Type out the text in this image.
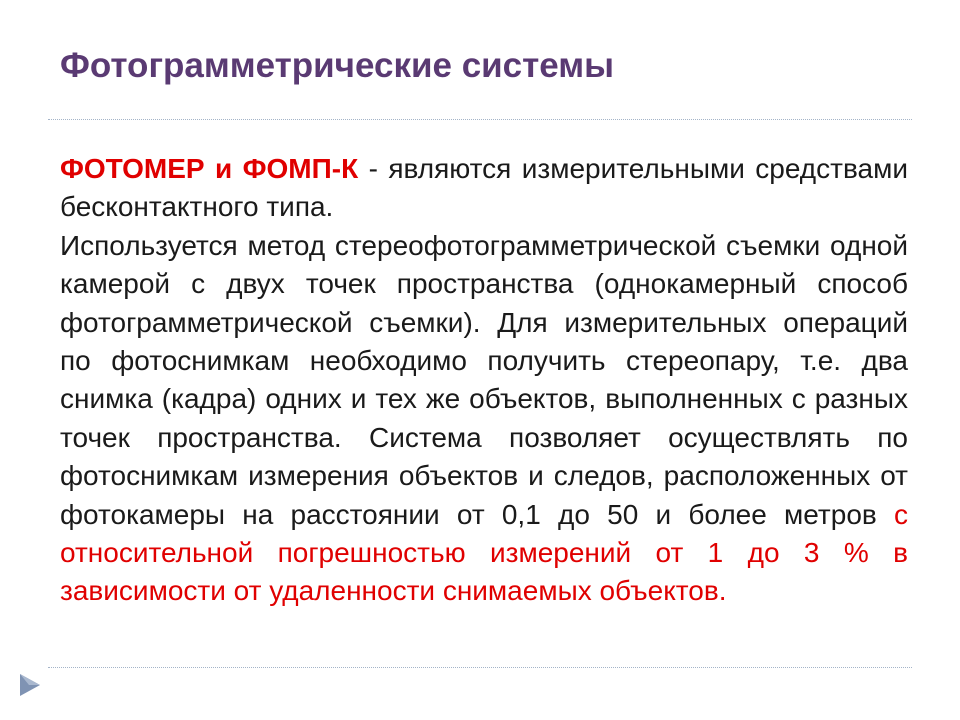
Фотограмметрические системы

ФОТОМЕР и ФОМП-К - являются измерительными средствами бесконтактного типа.

Используется метод стереофотограмметрической съемки одной камерой с двух точек пространства (однокамерный способ фотограмметрической съемки). Для измерительных операций по фотоснимкам необходимо получить стереопару, т.е. два снимка (кадра) одних и тех же объектов, выполненных с разных точек пространства. Система позволяет осуществлять по фотоснимкам измерения объектов и следов, расположенных от фотокамеры на расстоянии от 0,1 до 50 и более метров с относительной погрешностью измерений от 1 до 3 % в зависимости от удаленности снимаемых объектов.
